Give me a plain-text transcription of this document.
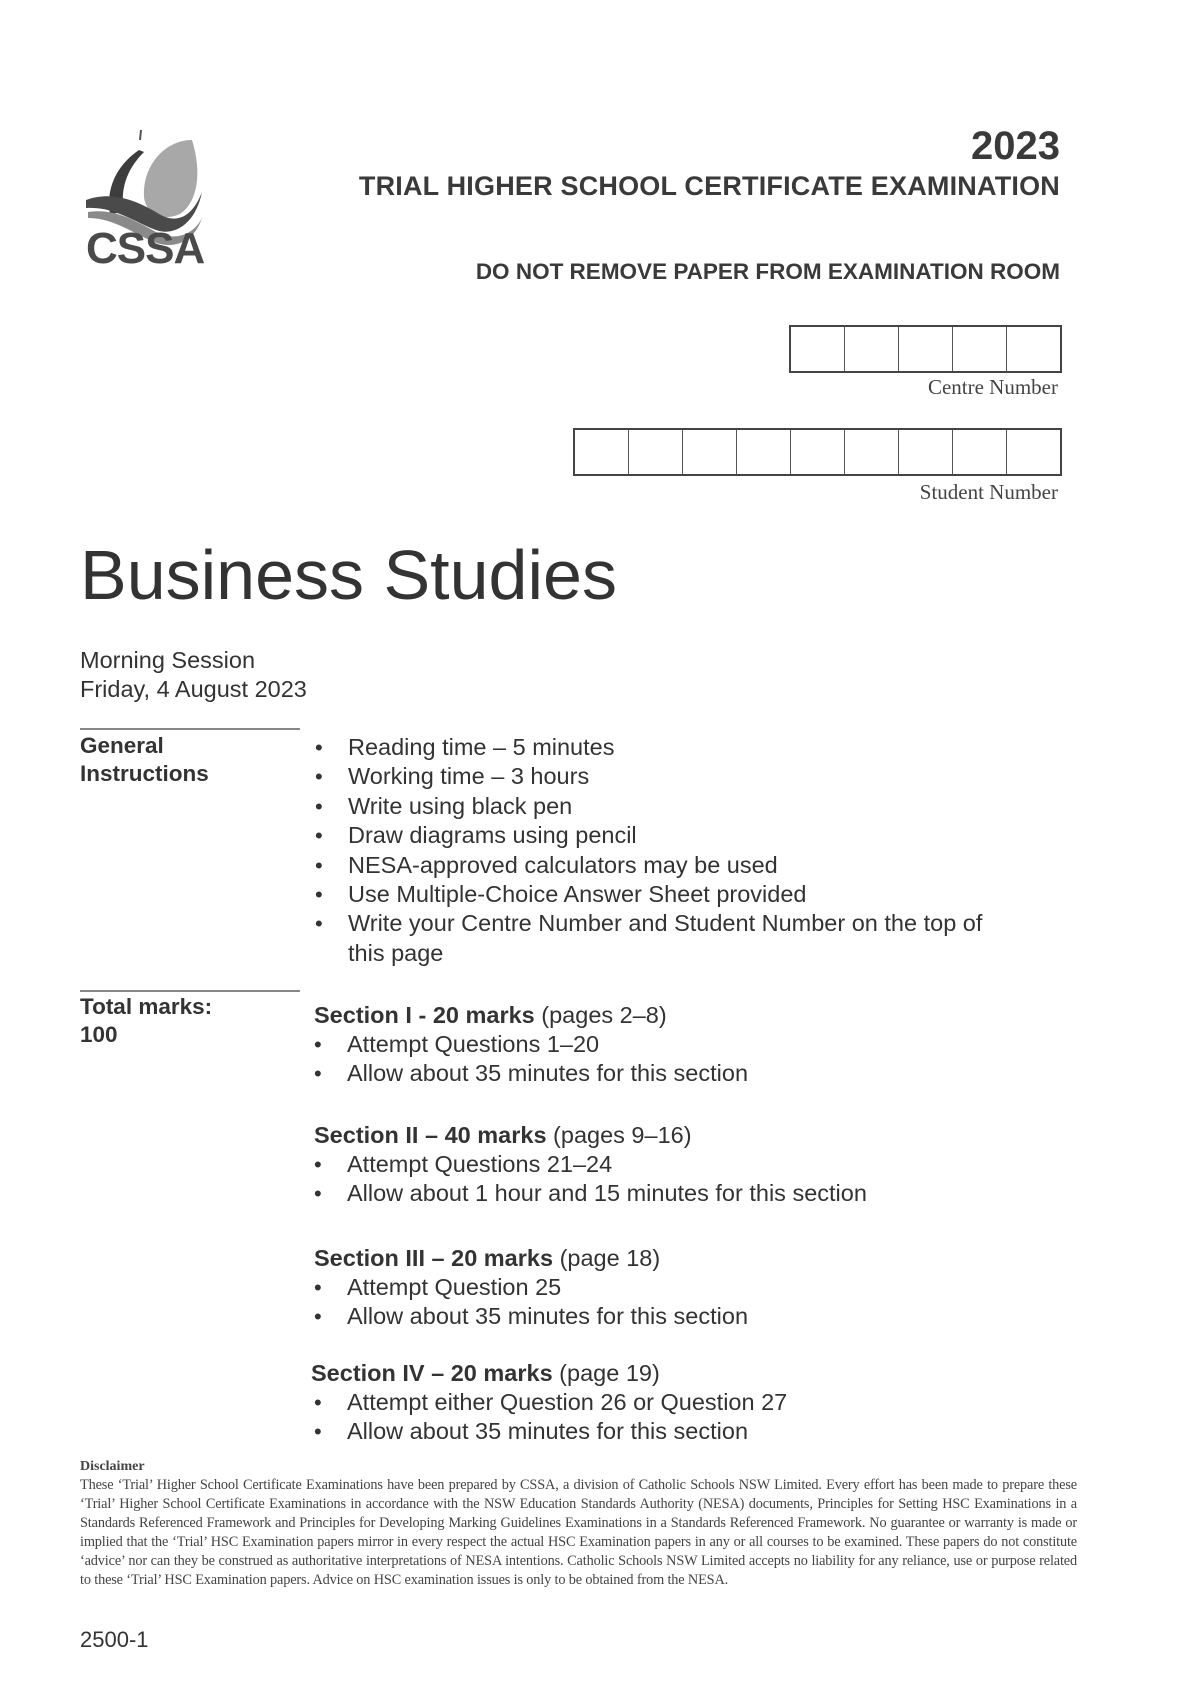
CSSA
2023
TRIAL HIGHER SCHOOL CERTIFICATE EXAMINATION
DO NOT REMOVE PAPER FROM EXAMINATION ROOM
Centre Number
Student Number
Business Studies
Morning Session
Friday, 4 August 2023
General
Instructions
• Reading time – 5 minutes
• Working time – 3 hours
• Write using black pen
• Draw diagrams using pencil
• NESA-approved calculators may be used
• Use Multiple-Choice Answer Sheet provided
• Write your Centre Number and Student Number on the top of this page
Total marks:
100
Section I - 20 marks (pages 2–8)
• Attempt Questions 1–20
• Allow about 35 minutes for this section
Section II – 40 marks (pages 9–16)
• Attempt Questions 21–24
• Allow about 1 hour and 15 minutes for this section
Section III – 20 marks (page 18)
• Attempt Question 25
• Allow about 35 minutes for this section
Section IV – 20 marks (page 19)
• Attempt either Question 26 or Question 27
• Allow about 35 minutes for this section
Disclaimer
These ‘Trial’ Higher School Certificate Examinations have been prepared by CSSA, a division of Catholic Schools NSW Limited. Every effort has been made to prepare these ‘Trial’ Higher School Certificate Examinations in accordance with the NSW Education Standards Authority (NESA) documents, Principles for Setting HSC Examinations in a Standards Referenced Framework and Principles for Developing Marking Guidelines Examinations in a Standards Referenced Framework. No guarantee or warranty is made or implied that the ‘Trial’ HSC Examination papers mirror in every respect the actual HSC Examination papers in any or all courses to be examined. These papers do not constitute ‘advice’ nor can they be construed as authoritative interpretations of NESA intentions. Catholic Schools NSW Limited accepts no liability for any reliance, use or purpose related to these ‘Trial’ HSC Examination papers. Advice on HSC examination issues is only to be obtained from the NESA.
2500-1
